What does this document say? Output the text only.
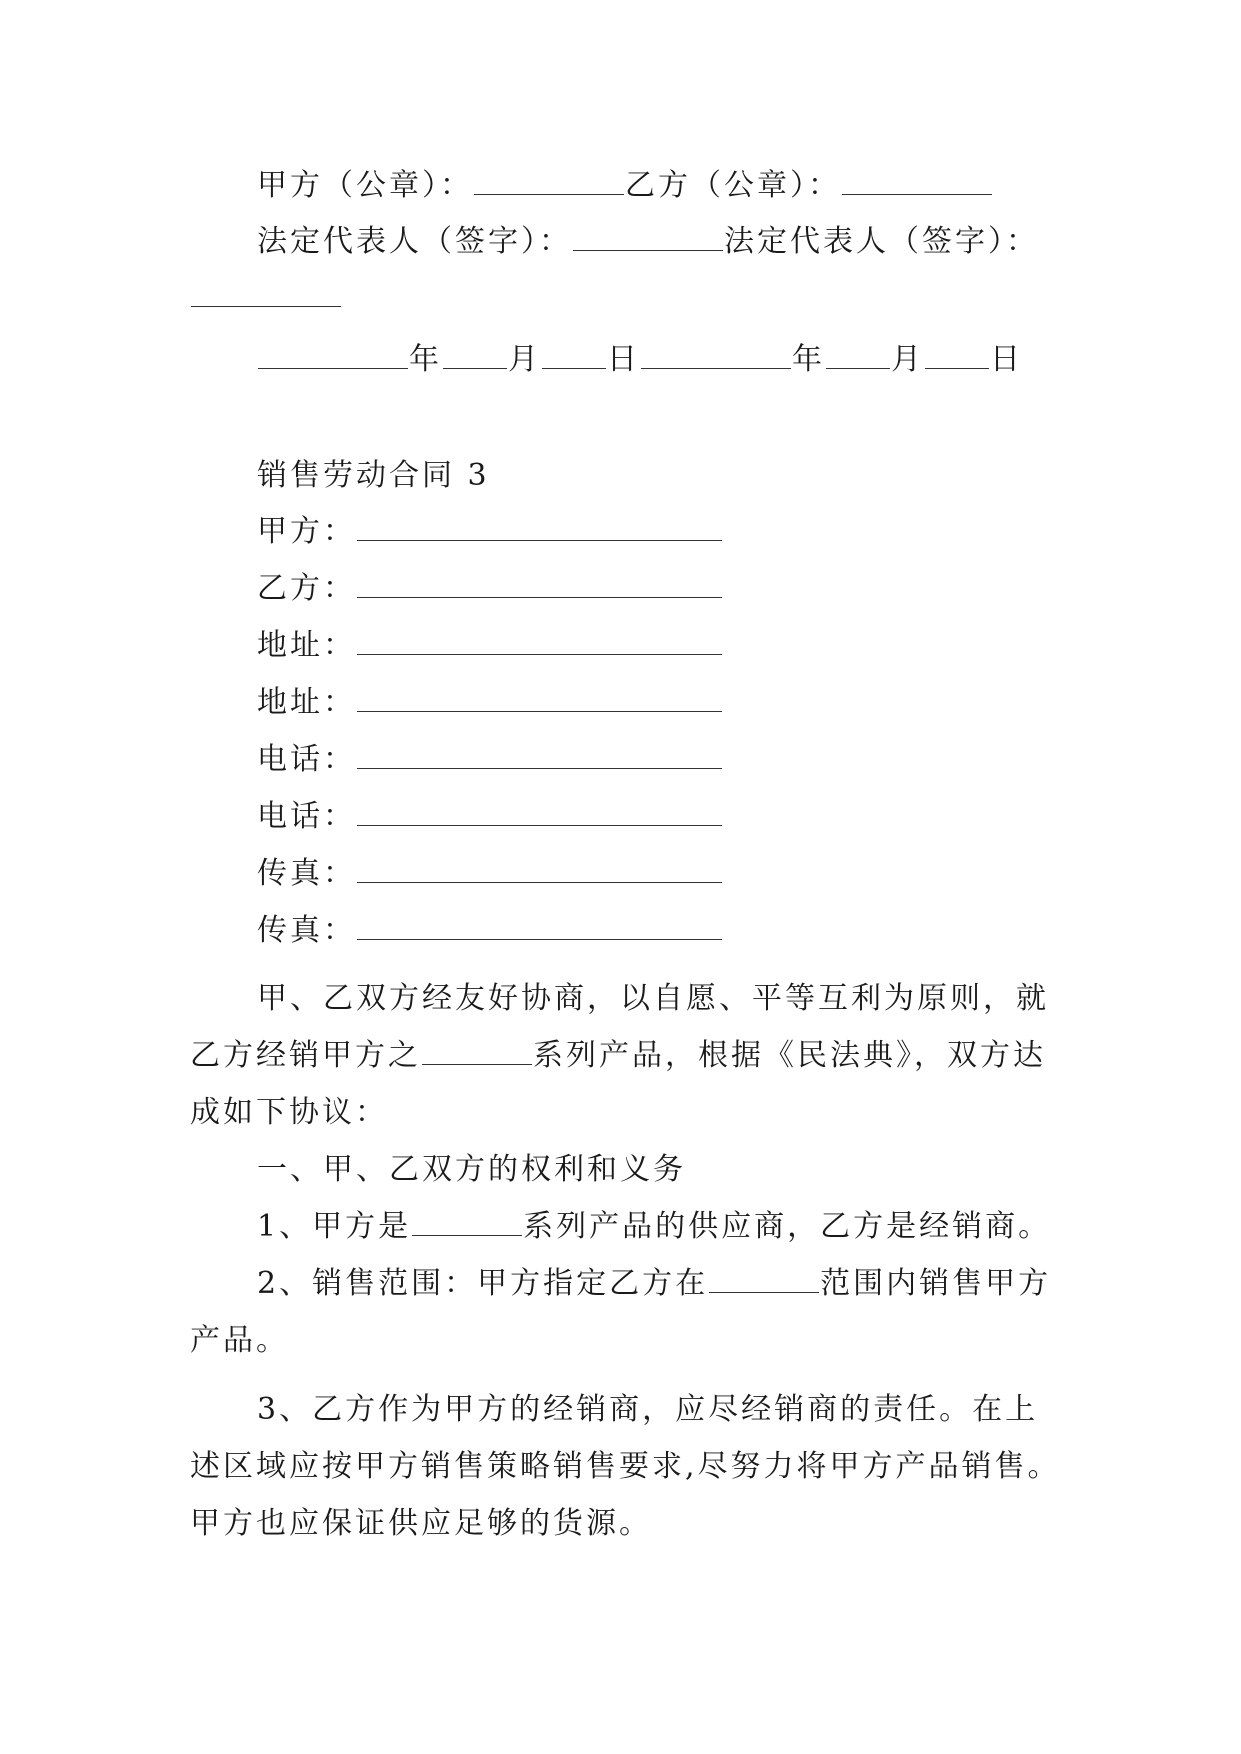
甲方（公章）：	乙方（公章）：
法定代表人（签字）：	法定代表人（签字）：
年 月 日	年 月 日
销售劳动合同 3
甲方：
乙方：
地址：
地址：
电话：
电话：
传真：
传真：
甲、乙双方经友好协商，以自愿、平等互利为原则，就
乙方经销甲方之	系列产品，根据《民法典》，双方达
成如下协议：
一、甲、乙双方的权利和义务
1、甲方是	系列产品的供应商，乙方是经销商。
2、销售范围：甲方指定乙方在	范围内销售甲方
产品。
3、乙方作为甲方的经销商，应尽经销商的责任。在上
述区域应按甲方销售策略销售要求,尽努力将甲方产品销售。
甲方也应保证供应足够的货源。
